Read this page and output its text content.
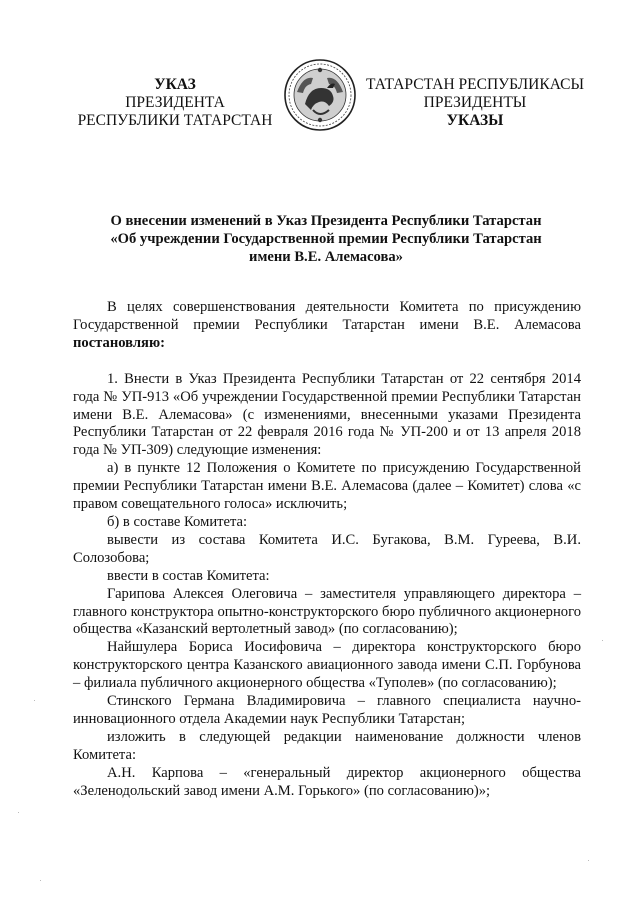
УКАЗ
ПРЕЗИДЕНТА
РЕСПУБЛИКИ ТАТАРСТАН
ТАТАРСТАН РЕСПУБЛИКАСЫ
ПРЕЗИДЕНТЫ
УКАЗЫ
О внесении изменений в Указ Президента Республики Татарстан
«Об учреждении Государственной премии Республики Татарстан
имени В.Е. Алемасова»

В целях совершенствования деятельности Комитета по присуждению Государственной премии Республики Татарстан имени В.Е. Алемасова постановляю:

1. Внести в Указ Президента Республики Татарстан от 22 сентября 2014 года № УП-913 «Об учреждении Государственной премии Республики Татарстан имени В.Е. Алемасова» (с изменениями, внесенными указами Президента Республики Татарстан от 22 февраля 2016 года № УП-200 и от 13 апреля 2018 года № УП-309) следующие изменения:

а) в пункте 12 Положения о Комитете по присуждению Государственной премии Республики Татарстан имени В.Е. Алемасова (далее – Комитет) слова «с правом совещательного голоса» исключить;

б) в составе Комитета:

вывести из состава Комитета И.С. Бугакова, В.М. Гуреева, В.И. Солозобова;

ввести в состав Комитета:

Гарипова Алексея Олеговича – заместителя управляющего директора – главного конструктора опытно-конструкторского бюро публичного акционерного общества «Казанский вертолетный завод» (по согласованию);

Найшулера Бориса Иосифовича – директора конструкторского бюро конструкторского центра Казанского авиационного завода имени С.П. Горбунова – филиала публичного акционерного общества «Туполев» (по согласованию);

Стинского Германа Владимировича – главного специалиста научно-инновационного отдела Академии наук Республики Татарстан;

изложить в следующей редакции наименование должности членов Комитета:

А.Н. Карпова – «генеральный директор акционерного общества «Зеленодольский завод имени А.М. Горького» (по согласованию)»;
